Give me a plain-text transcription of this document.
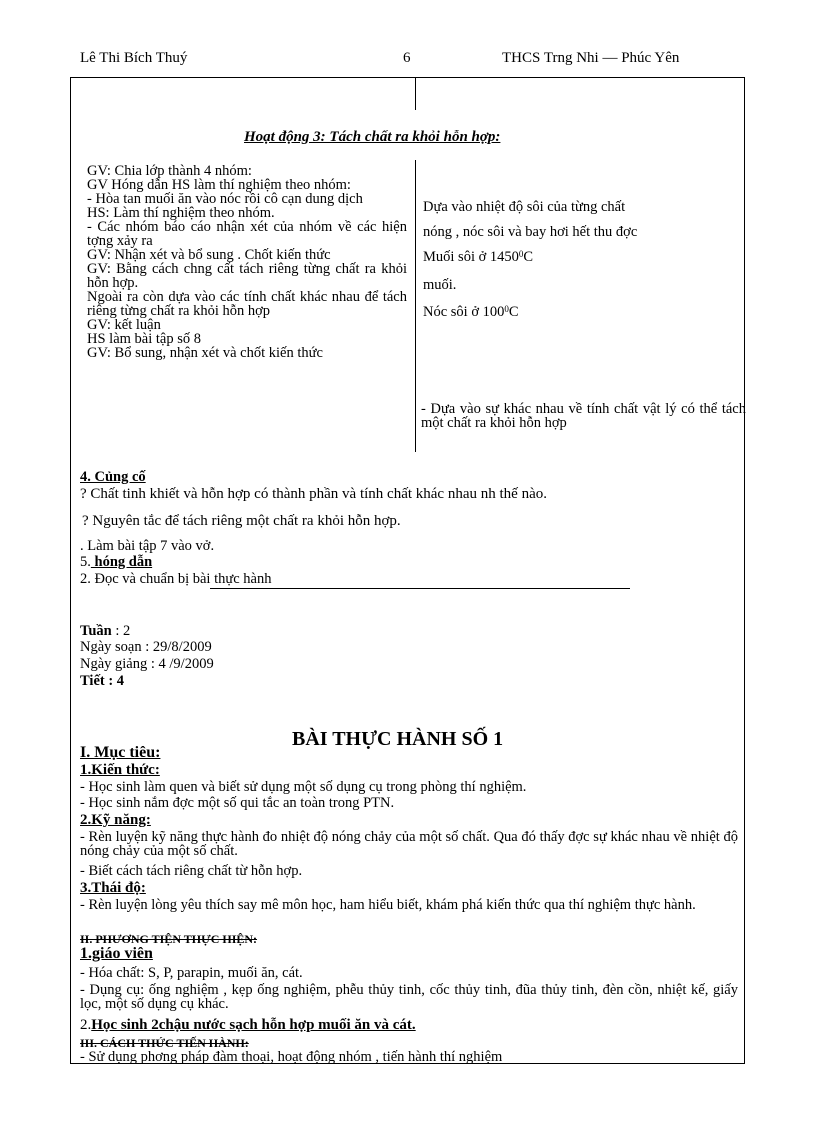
Lê Thi Bích Thuý	6	THCS Trng Nhi — Phúc Yên
Hoạt động 3: Tách chất ra khỏi hỗn hợp:
GV: Chia lớp thành 4 nhóm:
GV Hóng dẫn HS làm thí nghiệm theo nhóm:
- Hòa tan muối ăn vào nóc rồi cô cạn dung dịch
HS: Làm thí nghiệm theo nhóm.
- Các nhóm báo cáo nhận xét của nhóm về các hiện tợng xảy ra
GV: Nhận xét và bổ sung . Chốt kiến thức
GV: Bằng cách chng cất tách riêng từng chất ra khỏi hỗn hợp.
Ngoài ra còn dựa vào các tính chất khác nhau để tách riêng từng chất ra khỏi hỗn hợp
GV: kết luận
HS làm bài tập số 8
GV: Bổ sung, nhận xét và chốt kiến thức
Dựa vào nhiệt độ sôi của từng chất
nóng , nóc sôi và bay hơi hết thu đợc
Muối sôi ở 1450$^0$C
muối.
Nóc sôi ở $100^0C$
- Dựa vào sự khác nhau về tính chất vật lý có thể tách một chất ra khỏi hỗn hợp
4. Củng cố
? Chất tinh khiết và hỗn hợp có thành phần và tính chất khác nhau nh thế nào.
? Nguyên tắc để tách riêng một chất ra khỏi hỗn hợp.
. Làm bài tập 7 vào vở.
5. hóng dẫn
2. Đọc và chuẩn bị bài thực hành
Tuần : 2
Ngày soạn : 29/8/2009
Ngày giảng : 4 /9/2009
Tiết : 4
BÀI THỰC HÀNH SỐ 1
I. Mục tiêu:
1.Kiến thức:
- Học sinh làm quen và biết sử dụng một số dụng cụ trong phòng thí nghiệm.
- Học sinh nắm đợc một số qui tắc an toàn trong PTN.
2.Kỹ năng:
- Rèn luyện kỹ năng thực hành đo nhiệt độ nóng chảy của một số chất. Qua đó thấy đợc sự khác nhau về nhiệt độ nóng chảy của một số chất.
- Biết cách tách riêng chất từ hỗn hợp.
3.Thái độ:
- Rèn luyện lòng yêu thích say mê môn học, ham hiểu biết, khám phá kiến thức qua thí nghiệm thực hành.
II. PHƯƠNG TIỆN THỰC HIỆN:
1.giáo viên
- Hóa chất: S, P, parapin, muối ăn, cát.
- Dụng cụ: ống nghiệm , kẹp ống nghiệm, phễu thủy tinh, cốc thủy tinh, đũa thủy tinh, đèn cồn, nhiệt kế, giấy lọc, một số dụng cụ khác.
2.Học sinh 2chậu nước sạch hỗn hợp muối ăn và cát.
III. CÁCH THỨC TIẾN HÀNH:
- Sử dụng phơng pháp đàm thoại, hoạt động nhóm , tiến hành thí nghiệm
